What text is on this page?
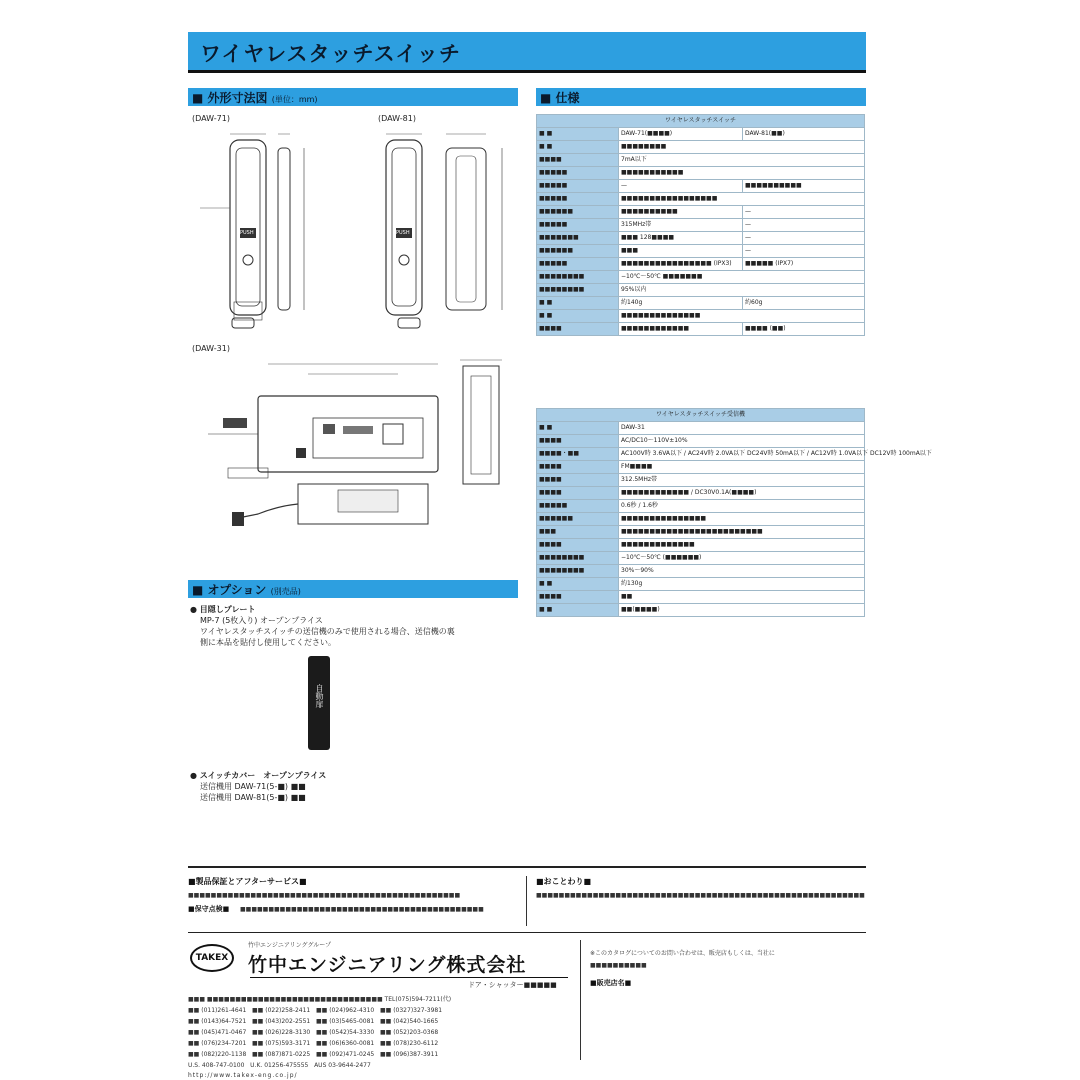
ワイヤレスタッチスイッチ
■ 外形寸法図 (単位：mm)
(DAW-71)	(DAW-81)
PUSH	PUSH
(DAW-31)
■ オプション (別売品)
● 目隠しプレート
MP-7 (5枚入り) オープンプライス
ワイヤレスタッチスイッチの送信機のみで使用される場合、送信機の裏
側に本品を貼付し使用してください。
自動扉
● スイッチカバー　オープンプライス
送信機用 DAW-71(5-■) ■■
送信機用 DAW-81(5-■) ■■
■ 仕様
ワイヤレスタッチスイッチ		
■ ■	DAW-71(■■■■)	DAW-81(■■)
■ ■	■■■■■■■■	
■■■■	7mA以下	
■■■■■	■■■■■■■■■■■	
■■■■■	—	■■■■■■■■■■
■■■■■	■■■■■■■■■■■■■■■■■	
■■■■■■	■■■■■■■■■■	—
■■■■■	315MHz帯	—
■■■■■■■	■■■ 128■■■■	—
■■■■■■	■■■	—
■■■■■	■■■■■■■■■■■■■■■■ (IPX3)	■■■■■ (IPX7)
■■■■■■■■	−10℃〜50℃ ■■■■■■■	
■■■■■■■■	95%以内	
■ ■	約140g	約60g
■ ■	■■■■■■■■■■■■■■	
■■■■	■■■■■■■■■■■■	■■■■ (■■)
ワイヤレスタッチスイッチ受信機	
■ ■	DAW-31
■■■■	AC/DC10〜110V±10%
■■■■・■■	AC100V時 3.6VA以下 / AC24V時 2.0VA以下 DC24V時 50mA以下 / AC12V時 1.0VA以下 DC12V時 100mA以下
■■■■	FM■■■■
■■■■	312.5MHz帯
■■■■	■■■■■■■■■■■■ / DC30V0.1A(■■■■)
■■■■■	0.6秒 / 1.6秒
■■■■■■	■■■■■■■■■■■■■■■
■■■	■■■■■■■■■■■■■■■■■■■■■■■■■
■■■■	■■■■■■■■■■■■■
■■■■■■■■	−10℃〜50℃ (■■■■■■)
■■■■■■■■	30%〜90%
■ ■	約130g
■■■■	■■
■ ■	■■(■■■■)
■製品保証とアフターサービス■
■■■■■■■■■■■■■■■■■■■■■■■■■■■■■■■■■■■■■■■■■■■■■■■■
■保守点検■ ■■■■■■■■■■■■■■■■■■■■■■■■■■■■■■■■■■■■■■■■■■■
■おことわり■
■■■■■■■■■■■■■■■■■■■■■■■■■■■■■■■■■■■■■■■■■■■■■■■■■■■■■■■■■■
TAKEX
竹中エンジニアリンググループ
竹中エンジニアリング株式会社
ドア・シャッター■■■■■
※このカタログについてのお問い合わせは、販売店もしくは、当社に
■■■■■■■■■■
■販売店名■
■■■ ■■■■■■■■■■■■■■■■■■■■■■■■■■■■■■■ TEL(075)594-7211(代)
■■ (011)261-4641   ■■ (022)258-2411   ■■ (024)962-4310   ■■ (0327)327-3981
■■ (0143)64-7521   ■■ (043)202-2551   ■■ (03)5465-0081   ■■ (042)540-1665
■■ (045)471-0467   ■■ (026)228-3130   ■■ (0542)54-3330   ■■ (052)203-0368
■■ (076)234-7201   ■■ (075)593-3171   ■■ (06)6360-0081   ■■ (078)230-6112
■■ (082)220-1138   ■■ (087)871-0225   ■■ (092)471-0245   ■■ (096)387-3911
U.S. 408-747-0100   U.K. 01256-475555   AUS 03-9644-2477
http://www.takex-eng.co.jp/
